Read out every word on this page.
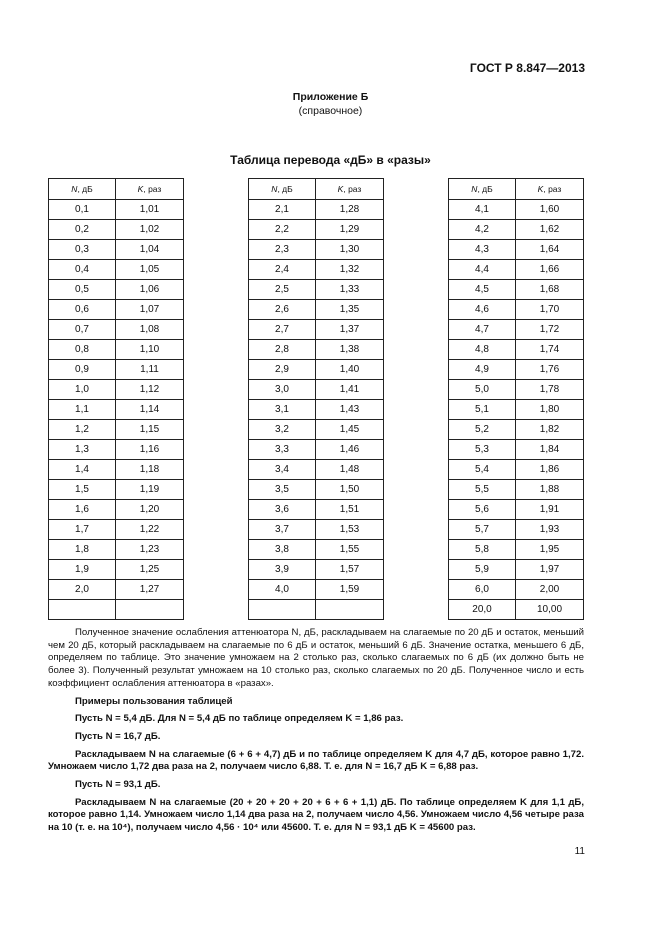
ГОСТ Р 8.847—2013
Приложение Б
(справочное)
Таблица перевода «дБ» в «разы»
N, дБ	K, раз
0,1	1,01
0,2	1,02
0,3	1,04
0,4	1,05
0,5	1,06
0,6	1,07
0,7	1,08
0,8	1,10
0,9	1,11
1,0	1,12
1,1	1,14
1,2	1,15
1,3	1,16
1,4	1,18
1,5	1,19
1,6	1,20
1,7	1,22
1,8	1,23
1,9	1,25
2,0	1,27

N, дБ	K, раз
2,1	1,28
2,2	1,29
2,3	1,30
2,4	1,32
2,5	1,33
2,6	1,35
2,7	1,37
2,8	1,38
2,9	1,40
3,0	1,41
3,1	1,43
3,2	1,45
3,3	1,46
3,4	1,48
3,5	1,50
3,6	1,51
3,7	1,53
3,8	1,55
3,9	1,57
4,0	1,59

N, дБ	K, раз
4,1	1,60
4,2	1,62
4,3	1,64
4,4	1,66
4,5	1,68
4,6	1,70
4,7	1,72
4,8	1,74
4,9	1,76
5,0	1,78
5,1	1,80
5,2	1,82
5,3	1,84
5,4	1,86
5,5	1,88
5,6	1,91
5,7	1,93
5,8	1,95
5,9	1,97
6,0	2,00
20,0	10,00

Полученное значение ослабления аттенюатора N, дБ, раскладываем на слагаемые по 20 дБ и остаток, меньший чем 20 дБ, который раскладываем на слагаемые по 6 дБ и остаток, меньший 6 дБ. Значение остатка, меньшего 6 дБ, определяем по таблице. Это значение умножаем на 2 столько раз, сколько слагаемых по 6 дБ (их должно быть не более 3). Полученный результат умножаем на 10 столько раз, сколько слагаемых по 20 дБ. Полученное число и есть коэффициент ослабления аттенюатора в «разах».

Примеры пользования таблицей

Пусть N = 5,4 дБ. Для N = 5,4 дБ по таблице определяем K = 1,86 раз.

Пусть N = 16,7 дБ.

Раскладываем N на слагаемые (6 + 6 + 4,7) дБ и по таблице определяем K для 4,7 дБ, которое равно 1,72. Умножаем число 1,72 два раза на 2, получаем число 6,88. Т. е. для N = 16,7 дБ K = 6,88 раз.

Пусть N = 93,1 дБ.

Раскладываем N на слагаемые (20 + 20 + 20 + 20 + 6 + 6 + 1,1) дБ. По таблице определяем K для 1,1 дБ, которое равно 1,14. Умножаем число 1,14 два раза на 2, получаем число 4,56. Умножаем число 4,56 четыре раза на 10 (т. е. на 10⁴), получаем число 4,56 · 10⁴ или 45600. Т. е. для N = 93,1 дБ K = 45600 раз.

11
